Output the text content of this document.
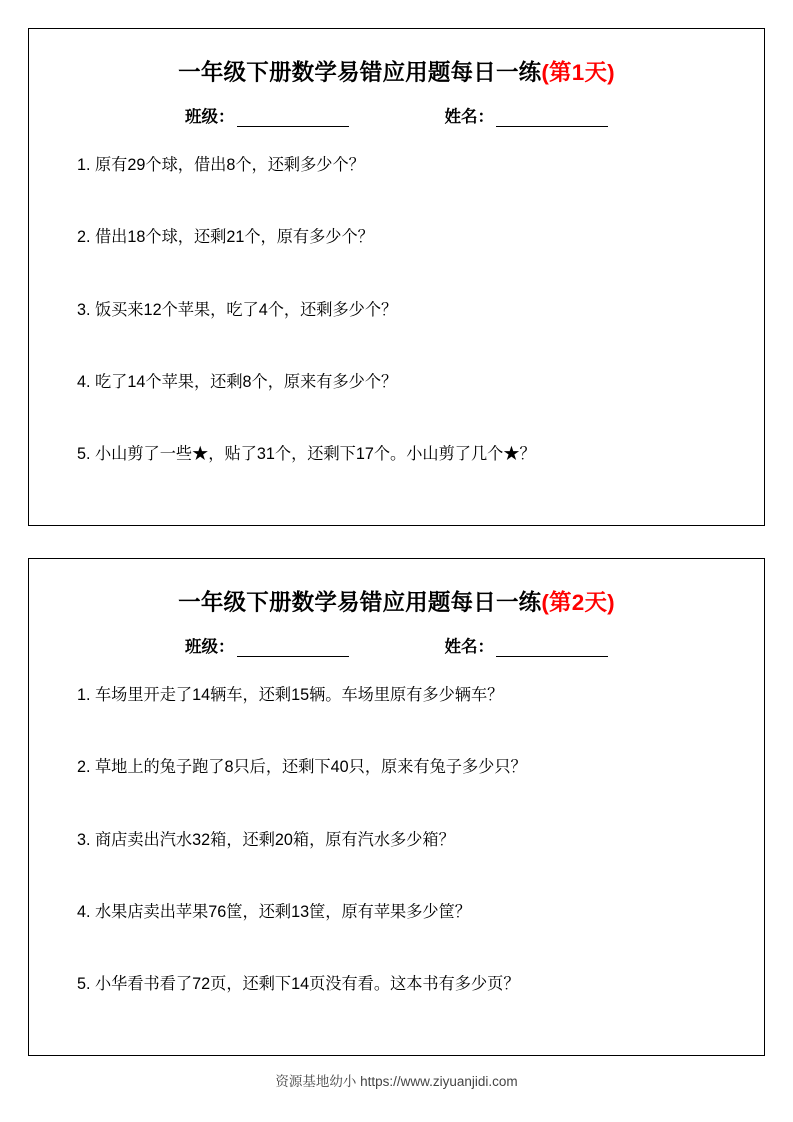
一年级下册数学易错应用题每日一练(第1天)
班级：	姓名：
1. 原有29个球，借出8个，还剩多少个？
2. 借出18个球，还剩21个，原有多少个？
3. 饭买来12个苹果，吃了4个，还剩多少个？
4. 吃了14个苹果，还剩8个，原来有多少个？
5. 小山剪了一些★，贴了31个，还剩下17个。小山剪了几个★？
一年级下册数学易错应用题每日一练(第2天)
班级：	姓名：
1. 车场里开走了14辆车，还剩15辆。车场里原有多少辆车？
2. 草地上的兔子跑了8只后，还剩下40只，原来有兔子多少只？
3. 商店卖出汽水32箱，还剩20箱，原有汽水多少箱？
4. 水果店卖出苹果76筐，还剩13筐，原有苹果多少筐？
5. 小华看书看了72页，还剩下14页没有看。这本书有多少页？
资源基地幼小 https://www.ziyuanjidi.com
